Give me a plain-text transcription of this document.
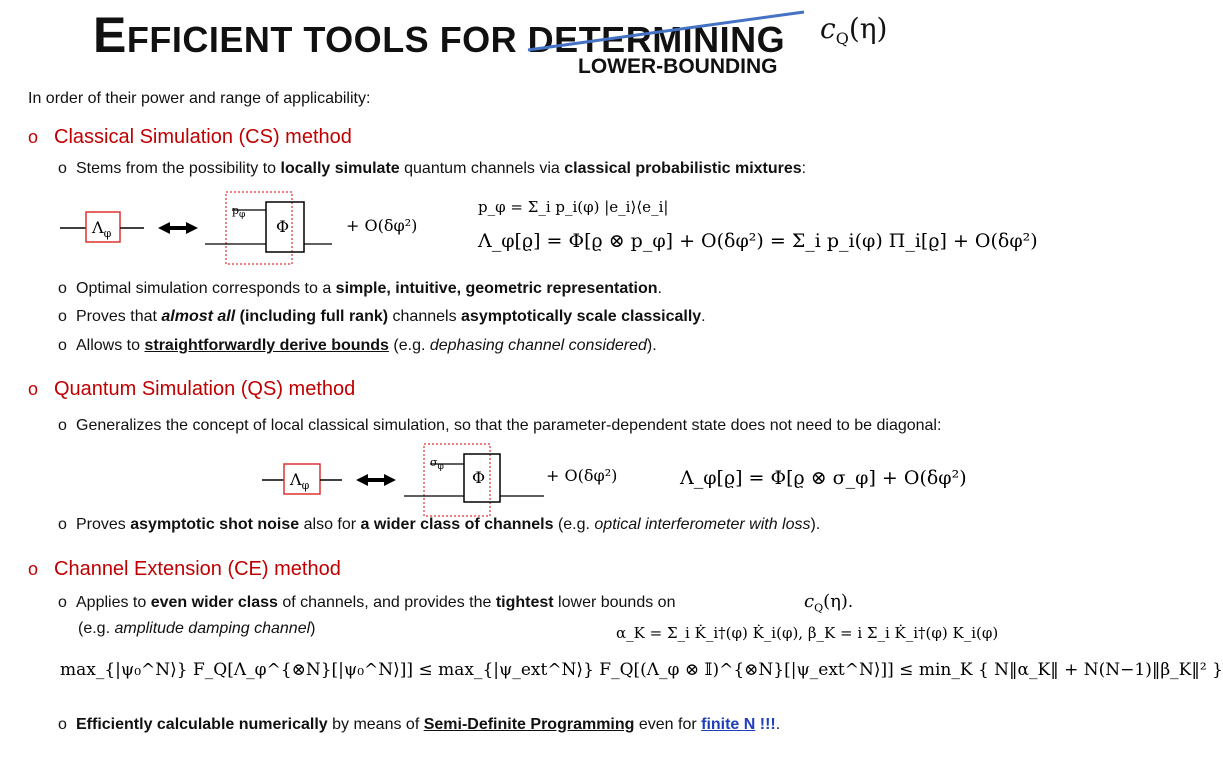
EFFICIENT TOOLS FOR DETERMINING
LOWER-BOUNDING
$c_Q(\eta)$
In order of their power and range of applicability:
o Classical Simulation (CS) method
o Stems from the possibility to locally simulate quantum channels via classical probabilistic mixtures:
$\Lambda_\varphi$
$p_\varphi$
Φ	+ O(δφ²)
p_φ = Σ_i p_i(φ) |e_i⟩⟨e_i|
Λ_φ[ϱ] = Φ[ϱ ⊗ p_φ] + O(δφ²) = Σ_i p_i(φ) Π_i[ϱ] + O(δφ²)
o Optimal simulation corresponds to a simple, intuitive, geometric representation.
o Proves that almost all (including full rank) channels asymptotically scale classically.
o Allows to straightforwardly derive bounds (e.g. dephasing channel considered).
o Quantum Simulation (QS) method
o Generalizes the concept of local classical simulation, so that the parameter-dependent state does not need to be diagonal:
$\Lambda_\varphi$
$\sigma_\varphi$
Φ	+ O(δφ²)	Λ_φ[ϱ] = Φ[ϱ ⊗ σ_φ] + O(δφ²)
o Proves asymptotic shot noise also for a wider class of channels (e.g. optical interferometer with loss).
o Channel Extension (CE) method
o Applies to even wider class of channels, and provides the tightest lower bounds on	$c_Q(\eta)$.
(e.g. amplitude damping channel)	α_K = Σ_i K̇_i†(φ) K̇_i(φ), β_K = i Σ_i K̇_i†(φ) K_i(φ)
max_{|ψ₀^N⟩} F_Q[Λ_φ^{⊗N}[|ψ₀^N⟩]] ≤ max_{|ψ_ext^N⟩} F_Q[(Λ_φ ⊗ 𝕀)^{⊗N}[|ψ_ext^N⟩]] ≤ min_K { N‖α_K‖ + N(N−1)‖β_K‖² }
o Efficiently calculable numerically by means of Semi-Definite Programming even for finite N !!!.
